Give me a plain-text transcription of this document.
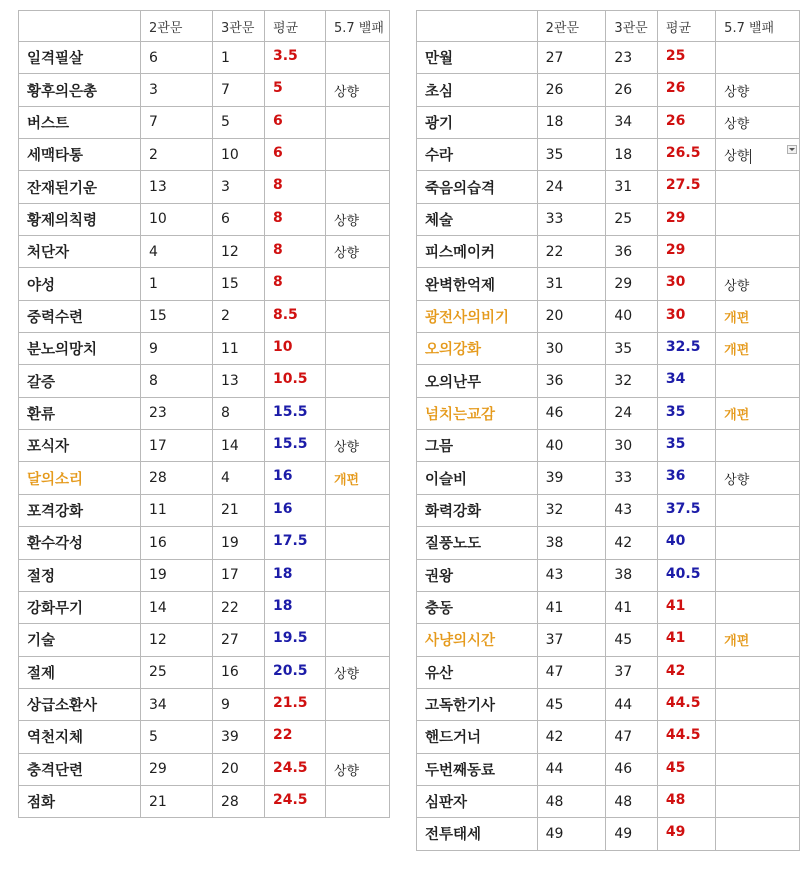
	2관문	3관문	평균	5.7 밸패
일격필살	6	1	3.5	
황후의은총	3	7	5	상향
버스트	7	5	6	
세맥타통	2	10	6	
잔재된기운	13	3	8	
황제의칙령	10	6	8	상향
처단자	4	12	8	상향
야성	1	15	8	
중력수련	15	2	8.5	
분노의망치	9	11	10	
갈증	8	13	10.5	
환류	23	8	15.5	
포식자	17	14	15.5	상향
달의소리	28	4	16	개편
포격강화	11	21	16	
환수각성	16	19	17.5	
절정	19	17	18	
강화무기	14	22	18	
기술	12	27	19.5	
절제	25	16	20.5	상향
상급소환사	34	9	21.5	
역천지체	5	39	22	
충격단련	29	20	24.5	상향
점화	21	28	24.5	
	2관문	3관문	평균	5.7 밸패
만월	27	23	25	
초심	26	26	26	상향
광기	18	34	26	상향
수라	35	18	26.5	상향

죽음의습격	24	31	27.5	
체술	33	25	29	
피스메이커	22	36	29	
완벽한억제	31	29	30	상향
광전사의비기	20	40	30	개편
오의강화	30	35	32.5	개편
오의난무	36	32	34	
넘치는교감	46	24	35	개편
그믐	40	30	35	
이슬비	39	33	36	상향
화력강화	32	43	37.5	
질풍노도	38	42	40	
권왕	43	38	40.5	
충동	41	41	41	
사냥의시간	37	45	41	개편
유산	47	37	42	
고독한기사	45	44	44.5	
핸드거너	42	47	44.5	
두번째동료	44	46	45	
심판자	48	48	48	
전투태세	49	49	49	
